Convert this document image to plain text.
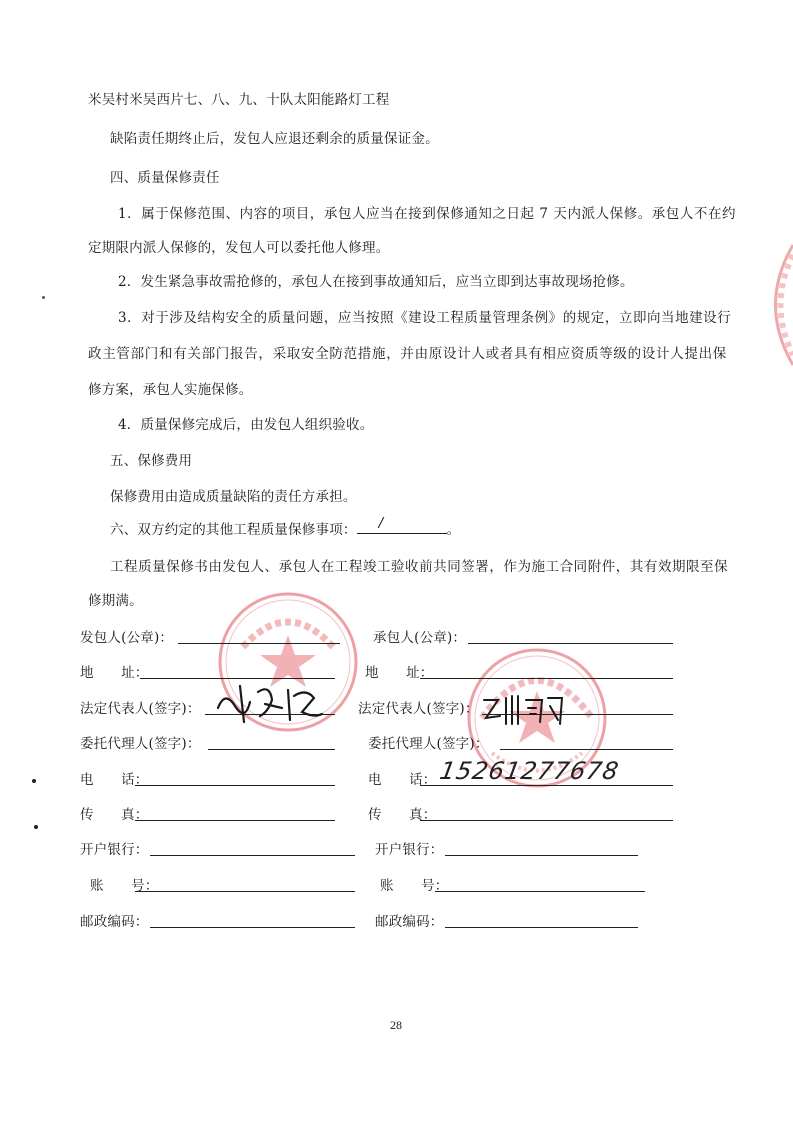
米吴村米吴西片七、八、九、十队太阳能路灯工程
缺陷责任期终止后，发包人应退还剩余的质量保证金。
四、质量保修责任
1．属于保修范围、内容的项目，承包人应当在接到保修通知之日起 7 天内派人保修。承包人不在约
定期限内派人保修的，发包人可以委托他人修理。
2．发生紧急事故需抢修的，承包人在接到事故通知后，应当立即到达事故现场抢修。
3．对于涉及结构安全的质量问题，应当按照《建设工程质量管理条例》的规定，立即向当地建设行
政主管部门和有关部门报告，采取安全防范措施，并由原设计人或者具有相应资质等级的设计人提出保
修方案，承包人实施保修。
4．质量保修完成后，由发包人组织验收。
五、保修费用
保修费用由造成质量缺陷的责任方承担。
六、双方约定的其他工程质量保修事项： /	。
工程质量保修书由发包人、承包人在工程竣工验收前共同签署，作为施工合同附件，其有效期限至保
修期满。
发包人(公章)：
地　　址：
法定代表人(签字)：
委托代理人(签字)：
电　　话：
传　　真：
开户银行：
账　　号：
邮政编码：
承包人(公章)：
地　　址：
法定代表人(签字)：
委托代理人(签字)：
电　　话：
传　　真：
开户银行：
账　　号：
邮政编码：
15261277678
28
